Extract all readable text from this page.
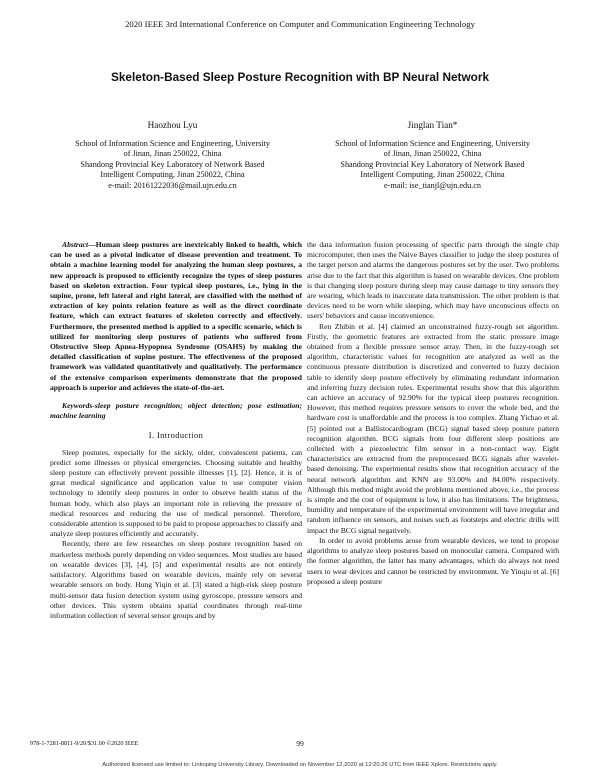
2020 IEEE 3rd International Conference on Computer and Communication Engineering Technology
Skeleton-Based Sleep Posture Recognition with BP Neural Network
Haozhou Lyu
School of Information Science and Engineering, University
of Jinan, Jinan 250022, China
Shandong Provincial Key Laboratory of Network Based
Intelligent Computing, Jinan 250022, China
e-mail: 20161222036@mail.ujn.edu.cn
Jinglan Tian*
School of Information Science and Engineering, University
of Jinan, Jinan 250022, China
Shandong Provincial Key Laboratory of Network Based
Intelligent Computing, Jinan 250022, China
e-mail: ise_tianjl@ujn.edu.cn

Abstract—Human sleep postures are inextricably linked to health, which can be used as a pivotal indicator of disease prevention and treatment. To obtain a machine learning model for analyzing the human sleep postures, a new approach is proposed to efficiently recognize the types of sleep postures based on skeleton extraction. Four typical sleep postures, i.e., lying in the supine, prone, left lateral and right lateral, are classified with the method of extraction of key points relation feature as well as the direct coordinate feature, which can extract features of skeleton correctly and effectively. Furthermore, the presented method is applied to a specific scenario, which is utilized for monitoring sleep postures of patients who suffered from Obstructive Sleep Apnea-Hypopnea Syndrome (OSAHS) by making the detailed classification of supine posture. The effectiveness of the proposed framework was validated quantitatively and qualitatively. The performance of the extensive comparison experiments demonstrate that the proposed approach is superior and achieves the state-of-the-art.

Keywords-sleep posture recognition; object detection; pose estimation; machine learning

I. Introduction

Sleep postures, especially for the sickly, older, convalescent patients, can predict some illnesses or physical emergencies. Choosing suitable and healthy sleep posture can effectively prevent possible illnesses [1], [2]. Hence, it is of great medical significance and application value to use computer vision technology to identify sleep postures in order to observe health status of the human body, which also plays an important role in relieving the pressure of medical resources and reducing the use of medical personnel. Therefore, considerable attention is supposed to be paid to propose approaches to classify and analyze sleep postures efficiently and accurately.

Recently, there are few researches on sleep posture recognition based on markerless methods purely depending on video sequences. Most studies are based on wearable devices [3], [4], [5] and experimental results are not entirely satisfactory. Algorithms based on wearable devices, mainly rely on several wearable sensors on body. Hung Yiqin et al. [3] stated a high-risk sleep posture multi-sensor data fusion detection system using gyroscope, pressure sensors and other devices. This system obtains spatial coordinates through real-time information collection of several sensor groups and by

the data information fusion processing of specific parts through the single chip microcomputer, then uses the Naive Bayes classifier to judge the sleep postures of the target person and alarms the dangerous postures set by the user. Two problems arise due to the fact that this algorithm is based on wearable devices. One problem is that changing sleep posture during sleep may cause damage to tiny sensors they are wearing, which leads to inaccurate data transmission. The other problem is that devices need to be worn while sleeping, which may have unconscious effects on users' behaviors and cause inconvenience.

Ren Zhibin et al. [4] claimed an unconstrained fuzzy-rough set algorithm. Firstly, the geometric features are extracted from the static pressure image obtained from a flexible pressure sensor array. Then, in the fuzzy-rough set algorithm, characteristic values for recognition are analyzed as well as the continuous pressure distribution is discretized and converted to fuzzy decision table to identify sleep posture effectively by eliminating redundant information and inferring fuzzy decision rules. Experimental results show that this algorithm can achieve an accuracy of 92.90% for the typical sleep postures recognition. However, this method requires pressure sensors to cover the whole bed, and the hardware cost is unaffordable and the process is too complex. Zhang Yichao et al. [5] pointed out a Ballistocardiogram (BCG) signal based sleep posture pattern recognition algorithm. BCG signals from four different sleep positions are collected with a piezoelectric film sensor in a non-contact way. Eight characteristics are extracted from the preprocessed BCG signals after wavelet-based denoising. The experimental results show that recognition accuracy of the neural network algorithm and KNN are 93.00% and 84.00% respectively. Although this method might avoid the problems mentioned above, i.e., the process is simple and the cost of equipment is low, it also has limitations. The brightness, humidity and temperature of the experimental environment will have irregular and random influence on sensors, and noises such as footsteps and electric drills will impact the BCG signal negatively.

In order to avoid problems arose from wearable devices, we tend to propose algorithms to analyze sleep postures based on monocular camera. Compared with the former algorithm, the latter has many advantages, which do always not need users to wear devices and cannot be restricted by environment. Ye Yinqiu et al. [6] proposed a sleep posture

978-1-7281-8811-9/20/$31.00 ©2020 IEEE	99
Authorized licensed use limited to: Linkoping University Library. Downloaded on November 12,2020 at 12:20:26 UTC from IEEE Xplore. Restrictions apply.
